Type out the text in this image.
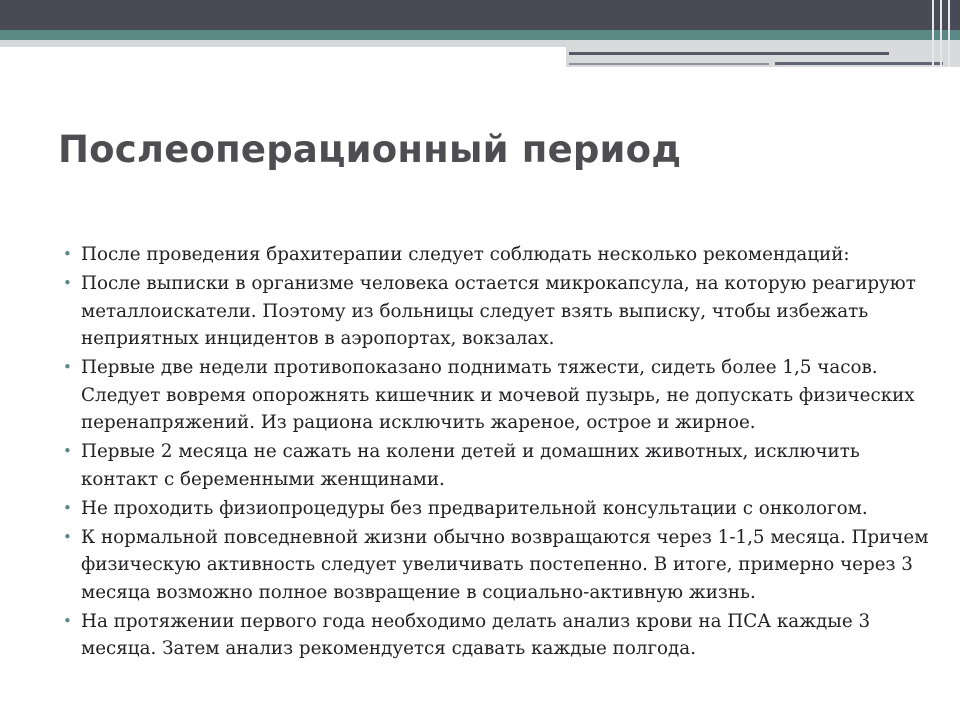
Послеоперационный период
• После проведения брахитерапии следует соблюдать несколько рекомендаций:
• После выписки в организме человека остается микрокапсула, на которую реагируют металлоискатели. Поэтому из больницы следует взять выписку, чтобы избежать неприятных инцидентов в аэропортах, вокзалах.
• Первые две недели противопоказано поднимать тяжести, сидеть более 1,5 часов. Следует вовремя опорожнять кишечник и мочевой пузырь, не допускать физических перенапряжений. Из рациона исключить жареное, острое и жирное.
• Первые 2 месяца не сажать на колени детей и домашних животных, исключить контакт с беременными женщинами.
• Не проходить физиопроцедуры без предварительной консультации с онкологом.
• К нормальной повседневной жизни обычно возвращаются через 1-1,5 месяца. Причем физическую активность следует увеличивать постепенно. В итоге, примерно через 3 месяца возможно полное возвращение в социально-активную жизнь.
• На протяжении первого года необходимо делать анализ крови на ПСА каждые 3 месяца. Затем анализ рекомендуется сдавать каждые полгода.
